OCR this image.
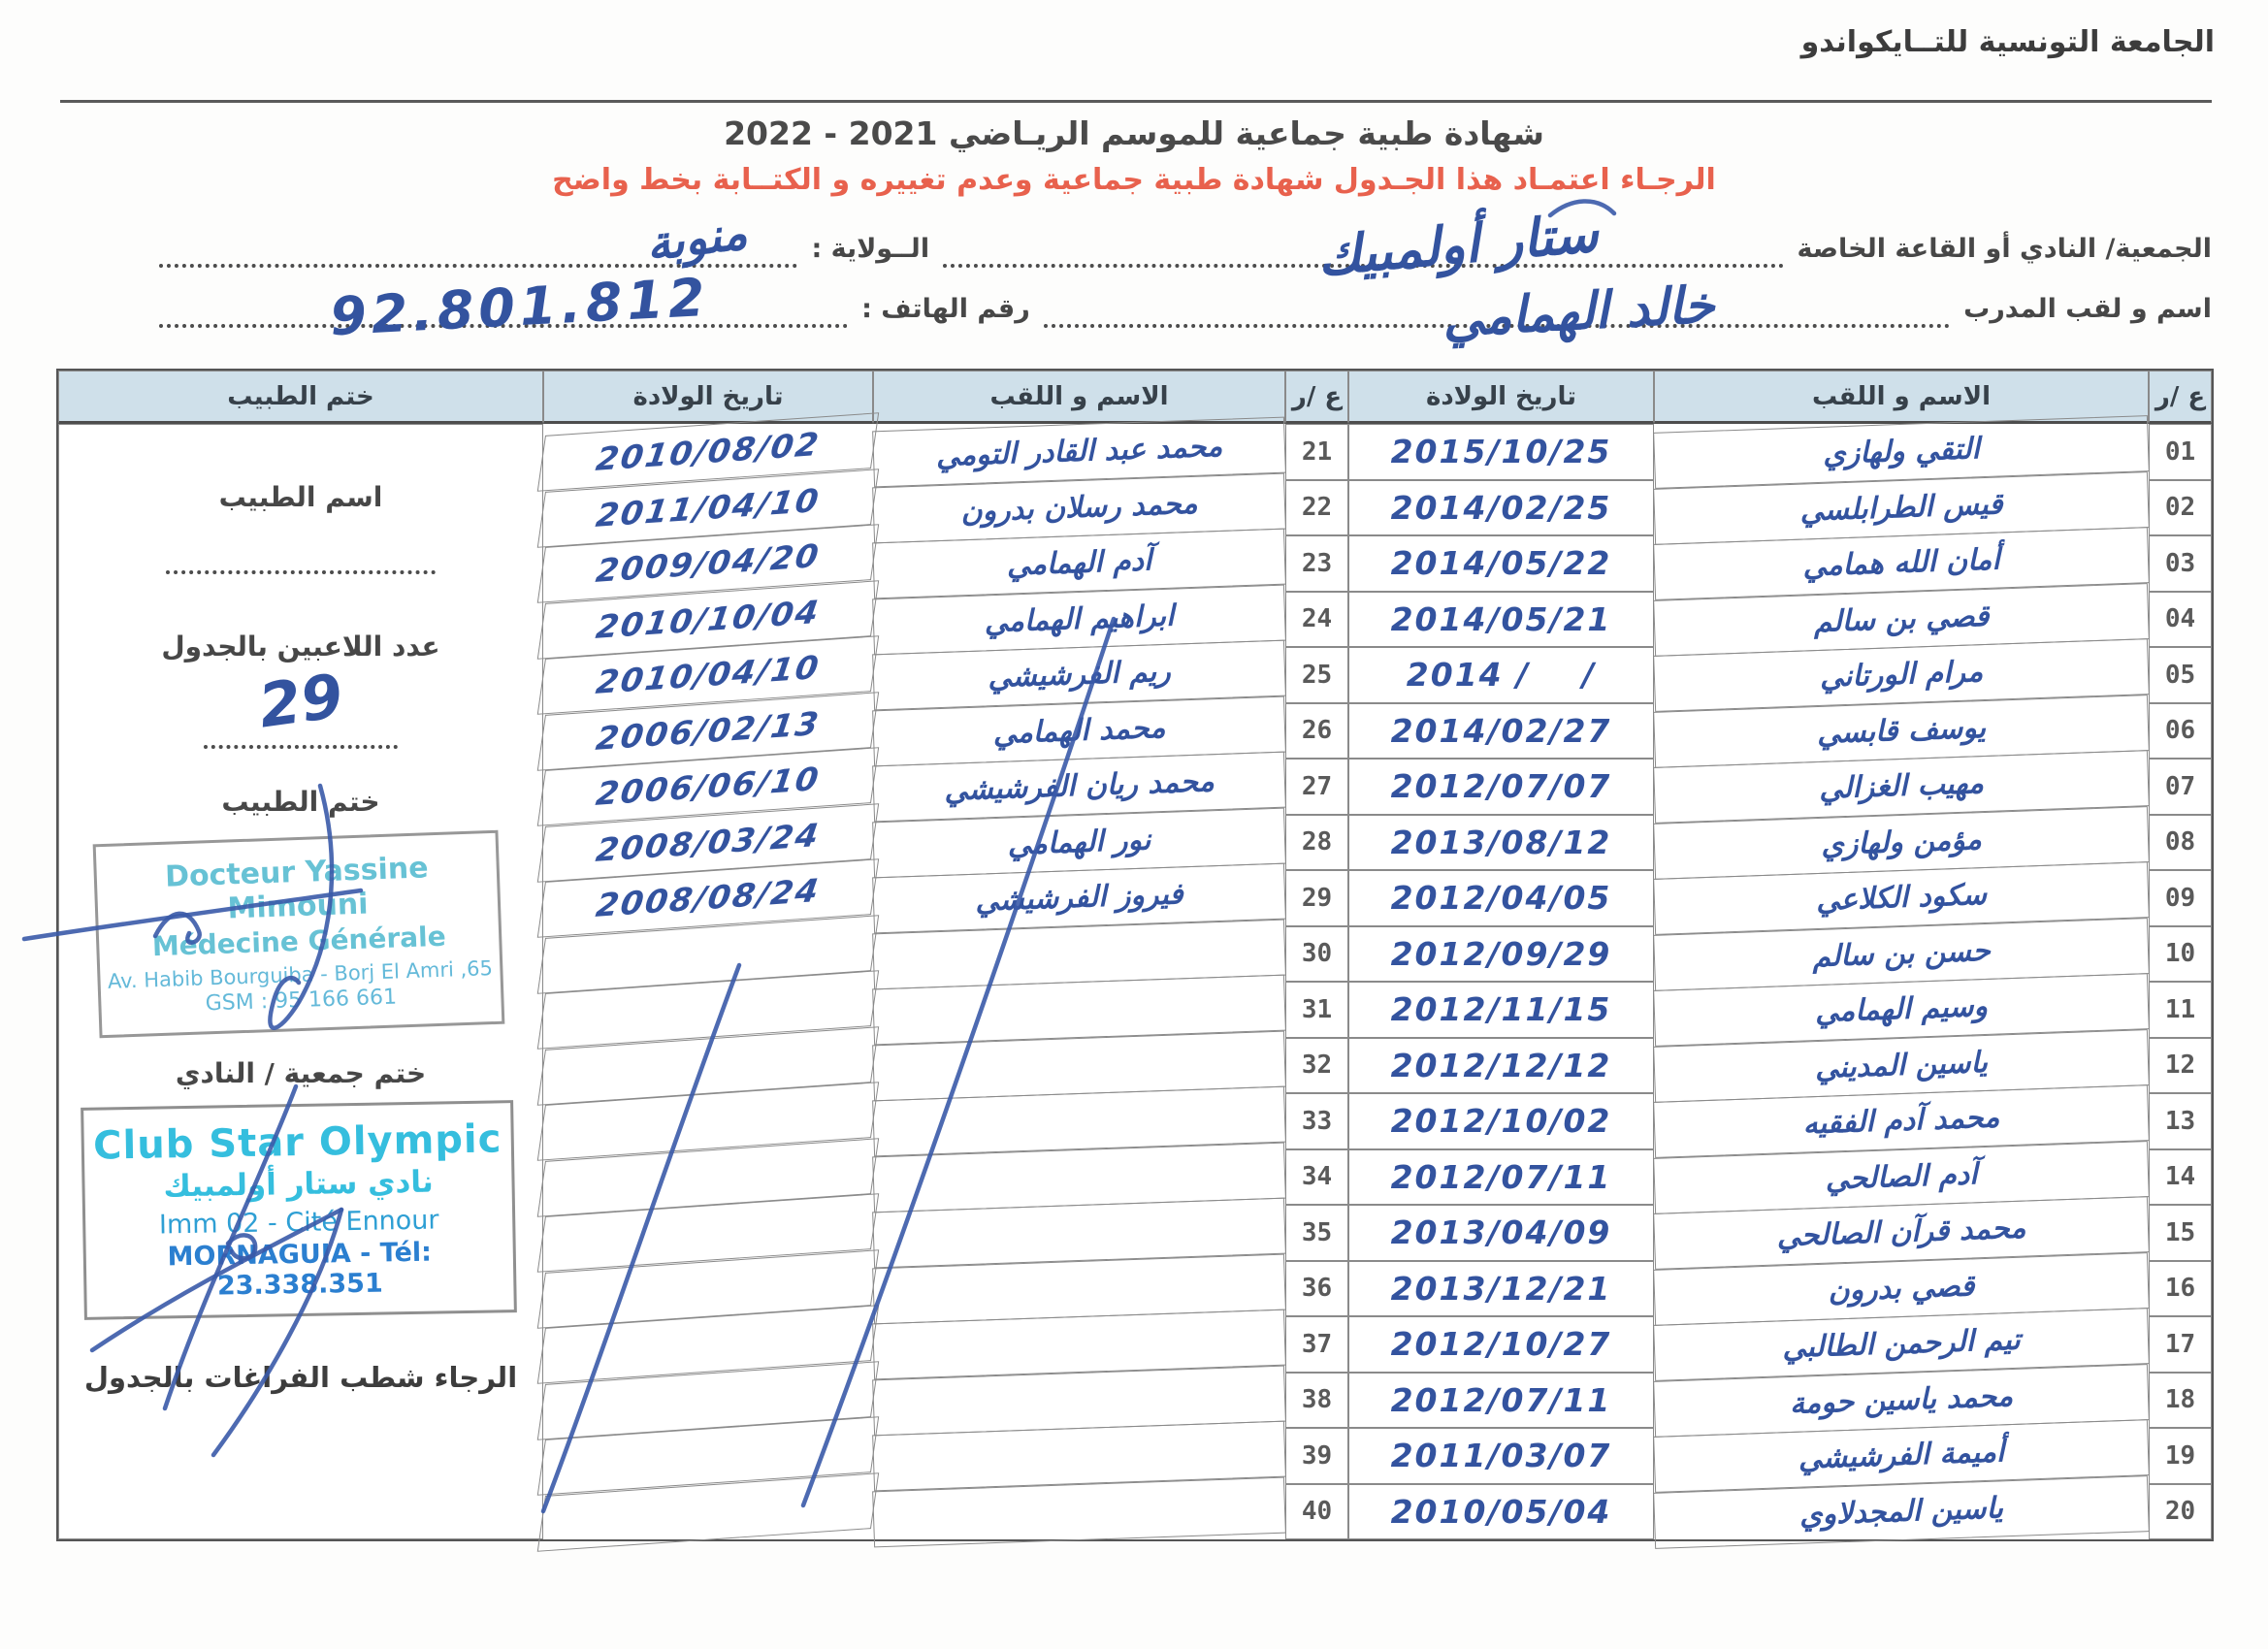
الجامعة التونسية للتــايكواندو
شهادة طبية جماعية للموسم الريـاضي 2021 - 2022
الرجـاء اعتمـاد هذا الجـدول شهادة طبية جماعية وعدم تغييره و الكتــابة بخط واضح
الجمعية/ النادي أو القاعة الخاصة
ستار أولمبيك
الــولاية :
منوبة
اسم و لقب المدرب
خالد الهمامي
رقم الهاتف :
92.801.812
ع /ر
الاسم و اللقب
تاريخ الولادة
ع /ر
الاسم و اللقب
تاريخ الولادة
ختم الطبيب
اسم الطبيب
عدد اللاعبين بالجدول
29
ختم الطبيب
Docteur Yassine Mimouni
Médecine Générale
65, Av. Habib Bourguiba - Borj El Amri
GSM : 95 166 661
ختم جمعية / النادي
Club Star Olympic
نادي ستار أولمبيك
Imm 02 - Cité Ennour
MORNAGUIA - Tél: 23.338.351
الرجاء شطب الفراغات بالجدول
01
التقي ولهازي
2015/10/25
21
محمد عبد القادر التومي
2010/08/02
02
قيس الطرابلسي
2014/02/25
22
محمد رسلان بدرون
2011/04/10
03
أمان الله همامي
2014/05/22
23
آدم الهمامي
2009/04/20
04
قصي بن سالم
2014/05/21
24
ابراهيم الهمامي
2010/10/04
05
مرام الورتاني
2014 /    /
25
ريم الفرشيشي
2010/04/10
06
يوسف قابسي
2014/02/27
26
محمد الهمامي
2006/02/13
07
مهيب الغزالي
2012/07/07
27
محمد ريان الفرشيشي
2006/06/10
08
مؤمن ولهازي
2013/08/12
28
نور الهمامي
2008/03/24
09
سكود الكلاعي
2012/04/05
29
فيروز الفرشيشي
2008/08/24
10
حسن بن سالم
2012/09/29
30
11
وسيم الهمامي
2012/11/15
31
12
ياسين المديني
2012/12/12
32
13
محمد آدم الفقيه
2012/10/02
33
14
آدم الصالحي
2012/07/11
34
15
محمد قرآن الصالحي
2013/04/09
35
16
قصي بدرون
2013/12/21
36
17
تيم الرحمن الطالبي
2012/10/27
37
18
محمد ياسين حومة
2012/07/11
38
19
أميمة الفرشيشي
2011/03/07
39
20
ياسين المجدلاوي
2010/05/04
40
